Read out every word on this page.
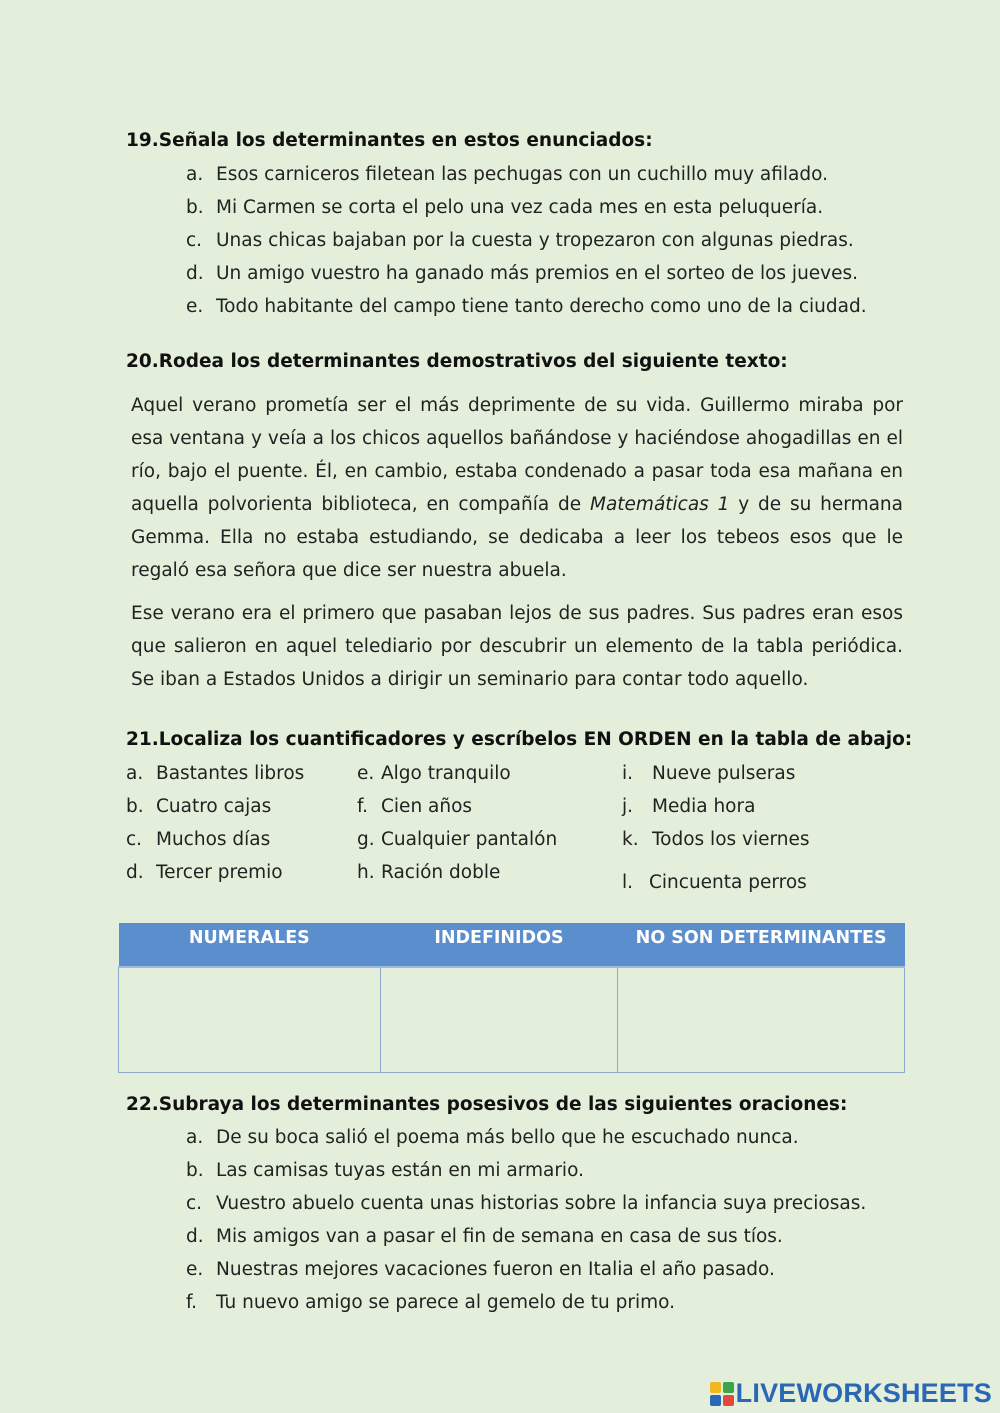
19.Señala los determinantes en estos enunciados:
a. Esos carniceros filetean las pechugas con un cuchillo muy afilado.
b. Mi Carmen se corta el pelo una vez cada mes en esta peluquería.
c. Unas chicas bajaban por la cuesta y tropezaron con algunas piedras.
d. Un amigo vuestro ha ganado más premios en el sorteo de los jueves.
e. Todo habitante del campo tiene tanto derecho como uno de la ciudad.
20.Rodea los determinantes demostrativos del siguiente texto:

Aquel verano prometía ser el más deprimente de su vida. Guillermo miraba por esa ventana y veía a los chicos aquellos bañándose y haciéndose ahogadillas en el río, bajo el puente. Él, en cambio, estaba condenado a pasar toda esa mañana en aquella polvorienta biblioteca, en compañía de Matemáticas 1 y de su hermana Gemma. Ella no estaba estudiando, se dedicaba a leer los tebeos esos que le regaló esa señora que dice ser nuestra abuela.

Ese verano era el primero que pasaban lejos de sus padres. Sus padres eran esos que salieron en aquel telediario por descubrir un elemento de la tabla periódica. Se iban a Estados Unidos a dirigir un seminario para contar todo aquello.

21.Localiza los cuantificadores y escríbelos EN ORDEN en la tabla de abajo:
a. Bastantes libros
b. Cuatro cajas
c. Muchos días
d. Tercer premio
e. Algo tranquilo
f. Cien años
g. Cualquier pantalón
h. Ración doble
i.	Nueve pulseras
j.	Media hora
k. Todos los viernes
l. Cincuenta perros
NUMERALES	INDEFINIDOS	NO SON DETERMINANTES

22.Subraya los determinantes posesivos de las siguientes oraciones:
a. De su boca salió el poema más bello que he escuchado nunca.
b. Las camisas tuyas están en mi armario.
c. Vuestro abuelo cuenta unas historias sobre la infancia suya preciosas.
d. Mis amigos van a pasar el fin de semana en casa de sus tíos.
e. Nuestras mejores vacaciones fueron en Italia el año pasado.
f.	Tu nuevo amigo se parece al gemelo de tu primo.
LIVEWORKSHEETS
